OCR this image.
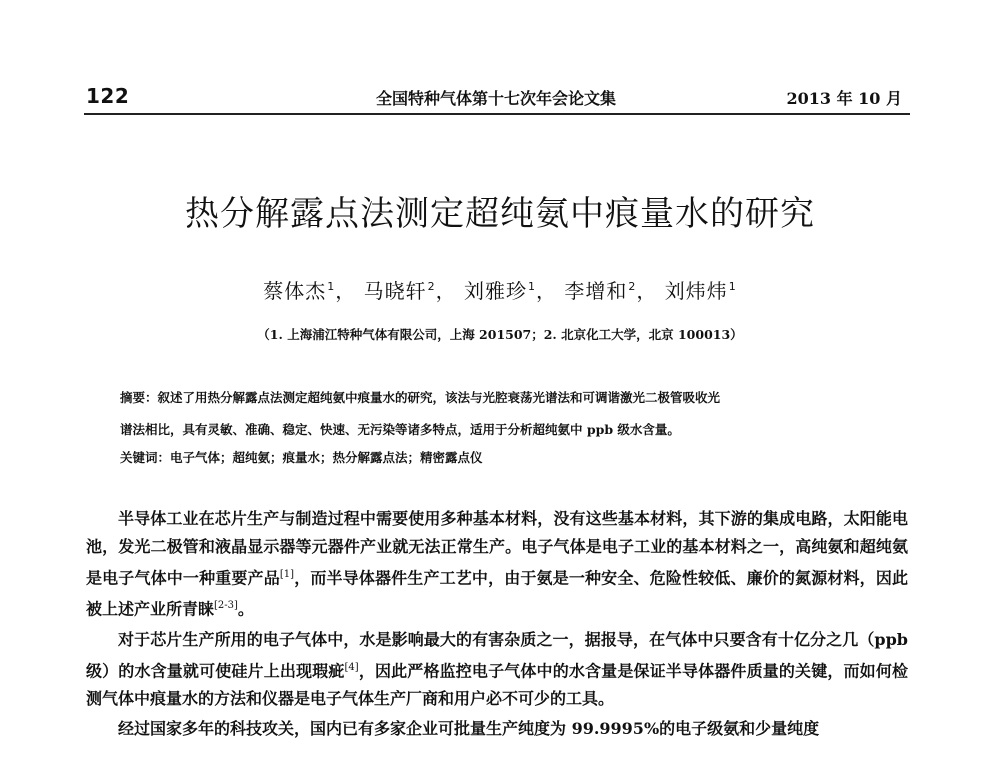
122	全国特种气体第十七次年会论文集	2013 年 10 月
热分解露点法测定超纯氨中痕量水的研究
蔡体杰$^1$， 马晓轩$^2$， 刘雅珍$^1$， 李增和$^2$， 刘炜炜$^1$
（1. 上海浦江特种气体有限公司，上海 201507；2. 北京化工大学，北京 100013）
摘要：叙述了用热分解露点法测定超纯氨中痕量水的研究，该法与光腔衰荡光谱法和可调谐激光二极管吸收光
谱法相比，具有灵敏、准确、稳定、快速、无污染等诸多特点，适用于分析超纯氨中 ppb 级水含量。
关键词：电子气体；超纯氨；痕量水；热分解露点法；精密露点仪

半导体工业在芯片生产与制造过程中需要使用多种基本材料，没有这些基本材料，其下游的集成电路，太阳能电池，发光二极管和液晶显示器等元器件产业就无法正常生产。电子气体是电子工业的基本材料之一，高纯氨和超纯氨是电子气体中一种重要产品[1]，而半导体器件生产工艺中，由于氨是一种安全、危险性较低、廉价的氮源材料，因此被上述产业所青睐[2-3]。

对于芯片生产所用的电子气体中，水是影响最大的有害杂质之一，据报导，在气体中只要含有十亿分之几（ppb 级）的水含量就可使硅片上出现瑕疵[4]，因此严格监控电子气体中的水含量是保证半导体器件质量的关键，而如何检测气体中痕量水的方法和仪器是电子气体生产厂商和用户必不可少的工具。

经过国家多年的科技攻关，国内已有多家企业可批量生产纯度为 99.9995%的电子级氨和少量纯度
